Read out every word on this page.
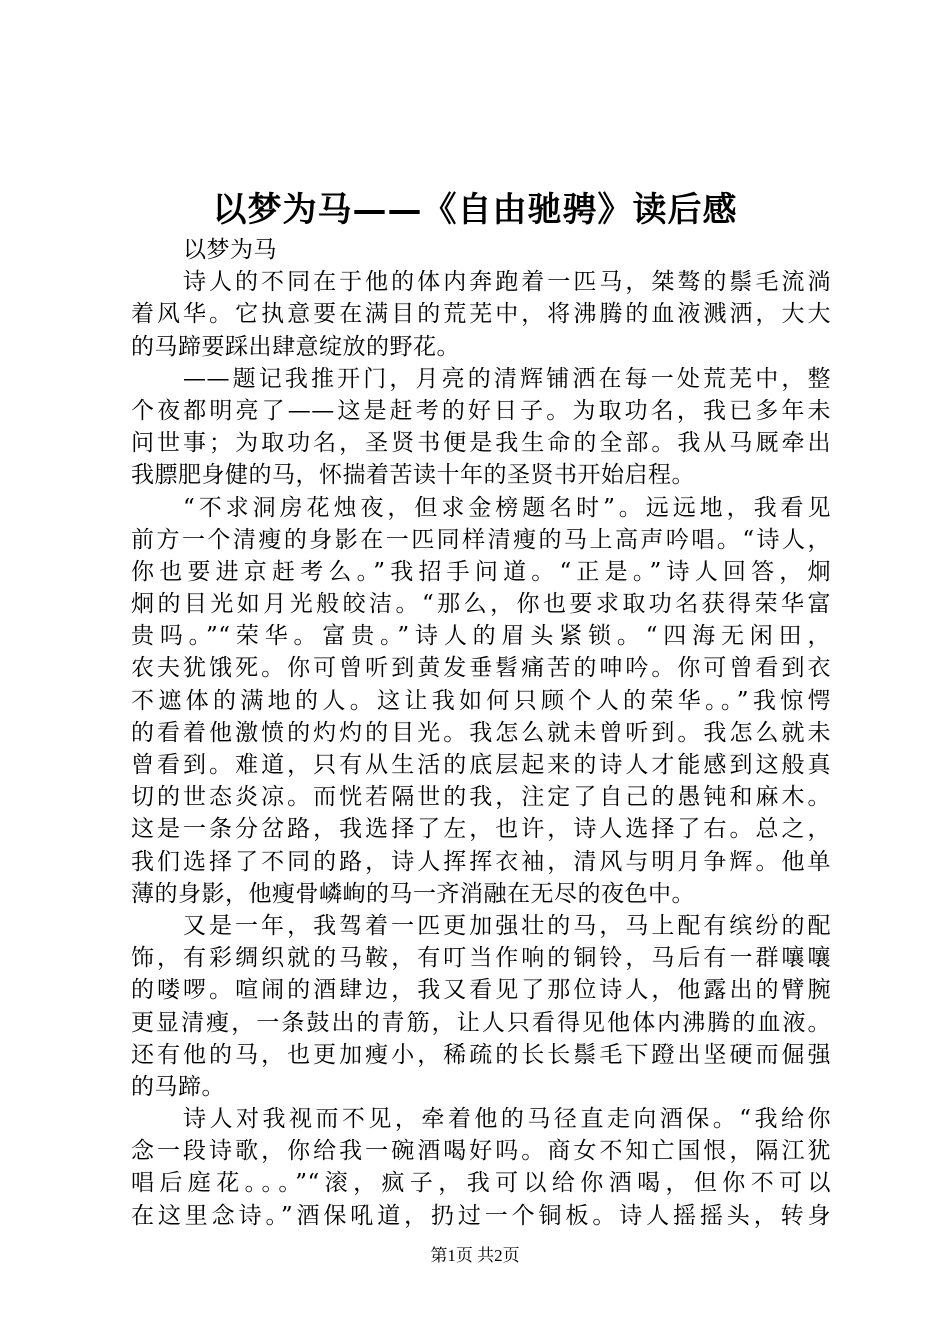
以梦为马——《自由驰骋》读后感
以梦为马
诗人的不同在于他的体内奔跑着一匹马，桀骜的鬃毛流淌
着风华。它执意要在满目的荒芜中，将沸腾的血液溅洒，大大
的马蹄要踩出肆意绽放的野花。
——题记我推开门，月亮的清辉铺洒在每一处荒芜中，整
个夜都明亮了——这是赶考的好日子。为取功名，我已多年未
问世事；为取功名，圣贤书便是我生命的全部。我从马厩牵出
我膘肥身健的马，怀揣着苦读十年的圣贤书开始启程。
“不求洞房花烛夜，但求金榜题名时”。远远地，我看见
前方一个清瘦的身影在一匹同样清瘦的马上高声吟唱。“诗人，
你也要进京赶考么。”我招手问道。“正是。”诗人回答，炯
炯的目光如月光般皎洁。“那么，你也要求取功名获得荣华富
贵吗。”“荣华。富贵。”诗人的眉头紧锁。“四海无闲田，
农夫犹饿死。你可曾听到黄发垂髫痛苦的呻吟。你可曾看到衣
不遮体的满地的人。这让我如何只顾个人的荣华。。”我惊愕
的看着他激愤的灼灼的目光。我怎么就未曾听到。我怎么就未
曾看到。难道，只有从生活的底层起来的诗人才能感到这般真
切的世态炎凉。而恍若隔世的我，注定了自己的愚钝和麻木。
这是一条分岔路，我选择了左，也许，诗人选择了右。总之，
我们选择了不同的路，诗人挥挥衣袖，清风与明月争辉。他单
薄的身影，他瘦骨嶙峋的马一齐消融在无尽的夜色中。
又是一年，我驾着一匹更加强壮的马，马上配有缤纷的配
饰，有彩绸织就的马鞍，有叮当作响的铜铃，马后有一群嚷嚷
的喽啰。喧闹的酒肆边，我又看见了那位诗人，他露出的臂腕
更显清瘦，一条鼓出的青筋，让人只看得见他体内沸腾的血液。
还有他的马，也更加瘦小，稀疏的长长鬃毛下蹬出坚硬而倔强
的马蹄。
诗人对我视而不见，牵着他的马径直走向酒保。“我给你
念一段诗歌，你给我一碗酒喝好吗。商女不知亡国恨，隔江犹
唱后庭花。。。”“滚，疯子，我可以给你酒喝，但你不可以
在这里念诗。”酒保吼道，扔过一个铜板。诗人摇摇头，转身
第1页 共2页
